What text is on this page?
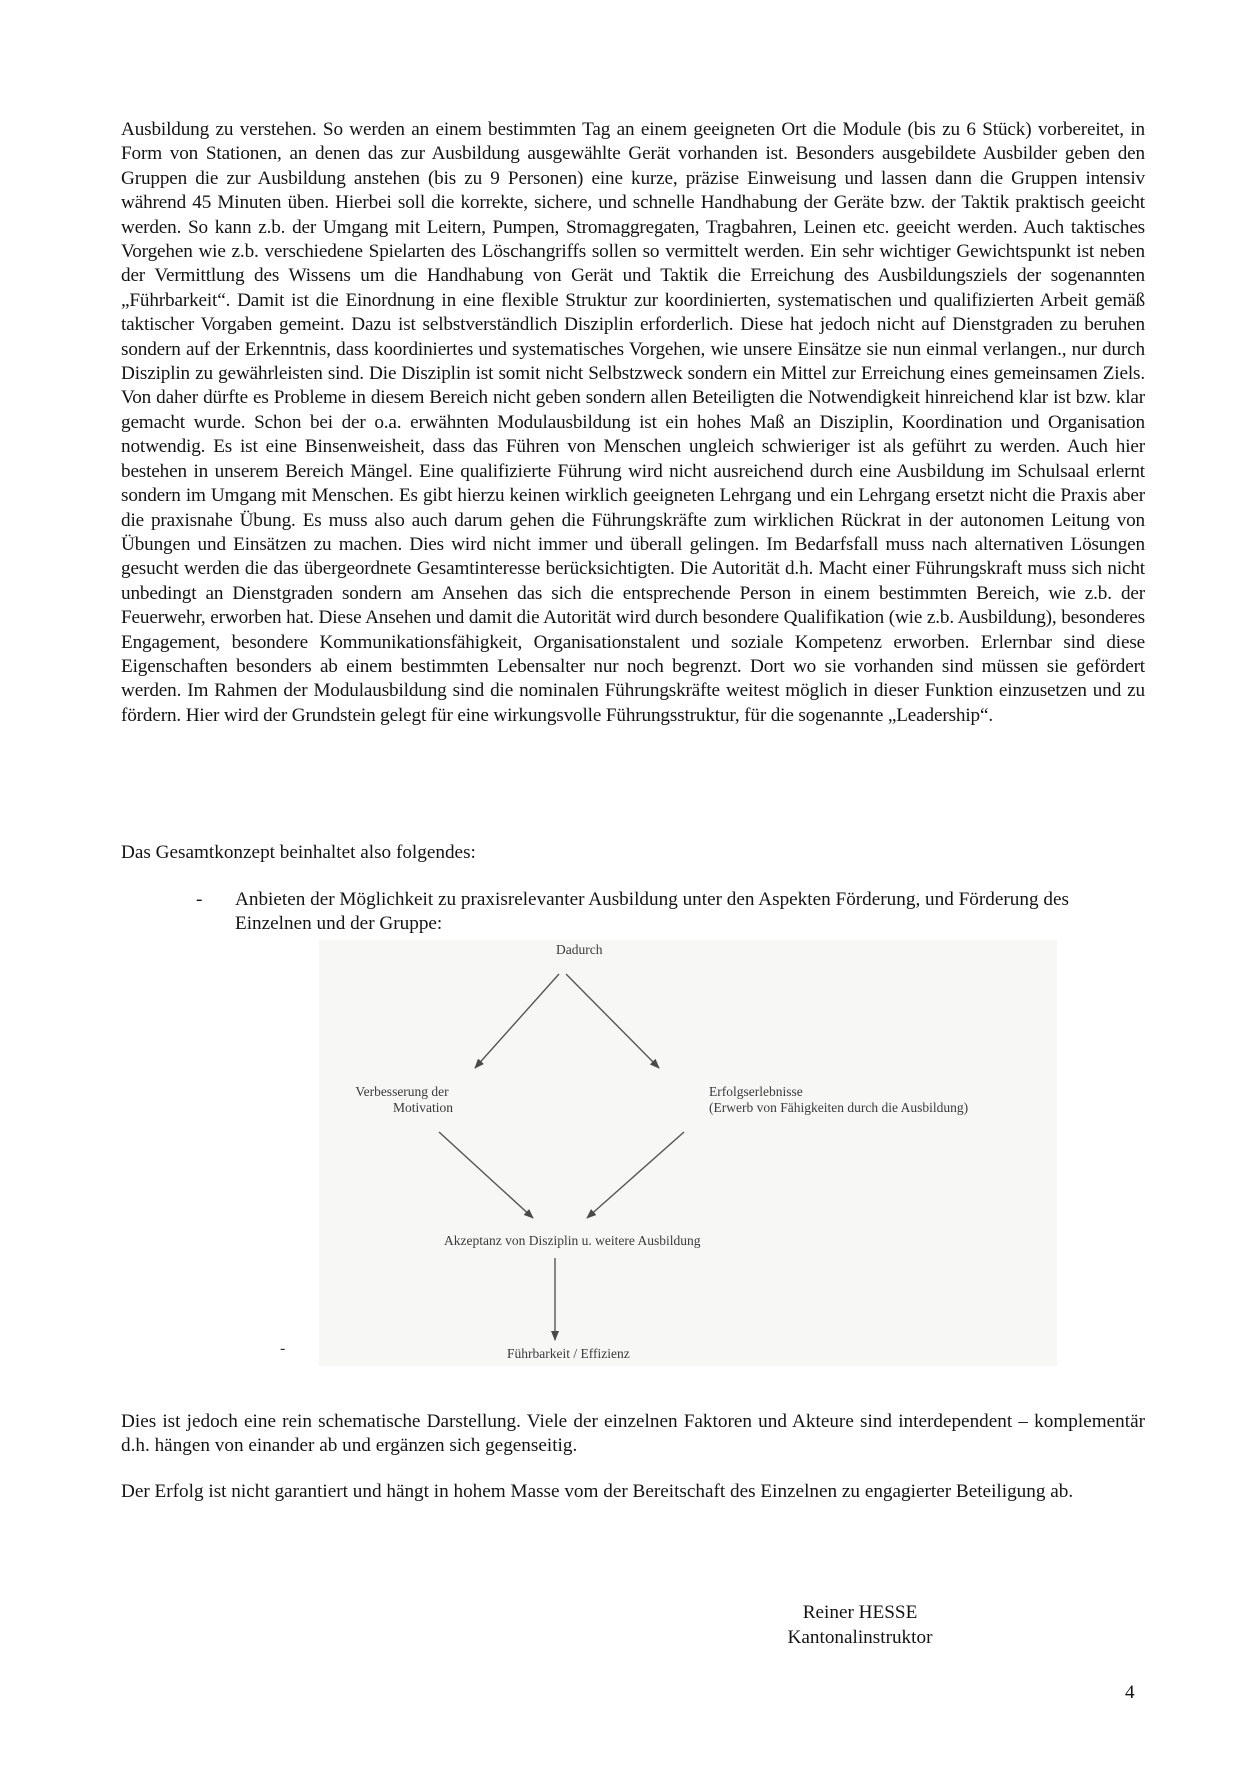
Ausbildung zu verstehen. So werden an einem bestimmten Tag an einem geeigneten Ort die Module (bis zu 6 Stück) vorbereitet, in Form von Stationen, an denen das zur Ausbildung ausgewählte Gerät vorhanden ist. Besonders ausgebildete Ausbilder geben den Gruppen die zur Ausbildung anstehen (bis zu 9 Personen) eine kurze, präzise Einweisung und lassen dann die Gruppen intensiv während 45 Minuten üben. Hierbei soll die korrekte, sichere, und schnelle Handhabung der Geräte bzw. der Taktik praktisch geeicht werden. So kann z.b. der Umgang mit Leitern, Pumpen, Stromaggregaten, Tragbahren, Leinen etc. geeicht werden. Auch taktisches Vorgehen wie z.b. verschiedene Spielarten des Löschangriffs sollen so vermittelt werden. Ein sehr wichtiger Gewichtspunkt ist neben der Vermittlung des Wissens um die Handhabung von Gerät und Taktik die Erreichung des Ausbildungsziels der sogenannten „Führbarkeit“. Damit ist die Einordnung in eine flexible Struktur zur koordinierten, systematischen und qualifizierten Arbeit gemäß taktischer Vorgaben gemeint. Dazu ist selbstverständlich Disziplin erforderlich. Diese hat jedoch nicht auf Dienstgraden zu beruhen sondern auf der Erkenntnis, dass koordiniertes und systematisches Vorgehen, wie unsere Einsätze sie nun einmal verlangen., nur durch Disziplin zu gewährleisten sind. Die Disziplin ist somit nicht Selbstzweck sondern ein Mittel zur Erreichung eines gemeinsamen Ziels. Von daher dürfte es Probleme in diesem Bereich nicht geben sondern allen Beteiligten die Notwendigkeit hinreichend klar ist bzw. klar gemacht wurde. Schon bei der o.a. erwähnten Modulausbildung ist ein hohes Maß an Disziplin, Koordination und Organisation notwendig. Es ist eine Binsenweisheit, dass das Führen von Menschen ungleich schwieriger ist als geführt zu werden. Auch hier bestehen in unserem Bereich Mängel. Eine qualifizierte Führung wird nicht ausreichend durch eine Ausbildung im Schulsaal erlernt sondern im Umgang mit Menschen. Es gibt hierzu keinen wirklich geeigneten Lehrgang und ein Lehrgang ersetzt nicht die Praxis aber die praxisnahe Übung. Es muss also auch darum gehen die Führungskräfte zum wirklichen Rückrat in der autonomen Leitung von Übungen und Einsätzen zu machen. Dies wird nicht immer und überall gelingen. Im Bedarfsfall muss nach alternativen Lösungen gesucht werden die das übergeordnete Gesamtinteresse berücksichtigten. Die Autorität d.h. Macht einer Führungskraft muss sich nicht unbedingt an Dienstgraden sondern am Ansehen das sich die entsprechende Person in einem bestimmten Bereich, wie z.b. der Feuerwehr, erworben hat. Diese Ansehen und damit die Autorität wird durch besondere Qualifikation (wie z.b. Ausbildung), besonderes Engagement, besondere Kommunikationsfähigkeit, Organisationstalent und soziale Kompetenz erworben. Erlernbar sind diese Eigenschaften besonders ab einem bestimmten Lebensalter nur noch begrenzt. Dort wo sie vorhanden sind müssen sie gefördert werden. Im Rahmen der Modulausbildung sind die nominalen Führungskräfte weitest möglich in dieser Funktion einzusetzen und zu fördern. Hier wird der Grundstein gelegt für eine wirkungsvolle Führungsstruktur, für die sogenannte „Leadership“.

Das Gesamtkonzept beinhaltet also folgendes:
- Anbieten der Möglichkeit zu praxisrelevanter Ausbildung unter den Aspekten Förderung, und Förderung des Einzelnen und der Gruppe:
Dadurch
Verbesserung der
Motivation
Erfolgserlebnisse
(Erwerb von Fähigkeiten durch die Ausbildung)
Akzeptanz von Disziplin u. weitere Ausbildung
Führbarkeit / Effizienz
-
Dies ist jedoch eine rein schematische Darstellung. Viele der einzelnen Faktoren und Akteure sind interdependent – komplementär d.h. hängen von einander ab und ergänzen sich gegenseitig.
Der Erfolg ist nicht garantiert und hängt in hohem Masse vom der Bereitschaft des Einzelnen zu engagierter Beteiligung ab.
Reiner HESSE
Kantonalinstruktor
4
